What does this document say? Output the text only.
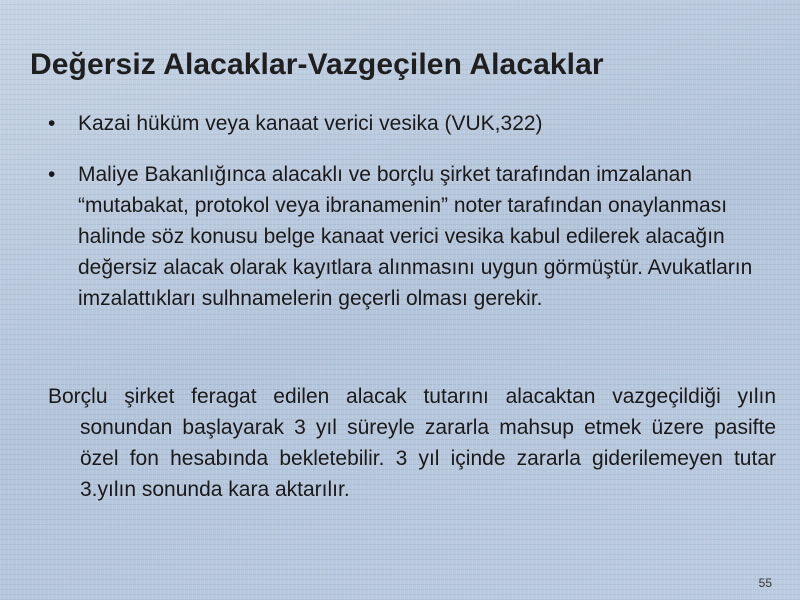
Değersiz Alacaklar-Vazgeçilen Alacaklar
• Kazai hüküm veya kanaat verici vesika (VUK,322)
• Maliye Bakanlığınca alacaklı ve borçlu şirket tarafından imzalanan “mutabakat, protokol veya ibranamenin” noter tarafından onaylanması halinde söz konusu belge kanaat verici vesika kabul edilerek alacağın değersiz alacak olarak kayıtlara alınmasını uygun görmüştür. Avukatların imzalattıkları sulhnamelerin geçerli olması gerekir.

Borçlu şirket feragat edilen alacak tutarını alacaktan vazgeçildiği yılın sonundan başlayarak 3 yıl süreyle zararla mahsup etmek üzere pasifte özel fon hesabında bekletebilir. 3 yıl içinde zararla giderilemeyen tutar 3.yılın sonunda kara aktarılır.

55
